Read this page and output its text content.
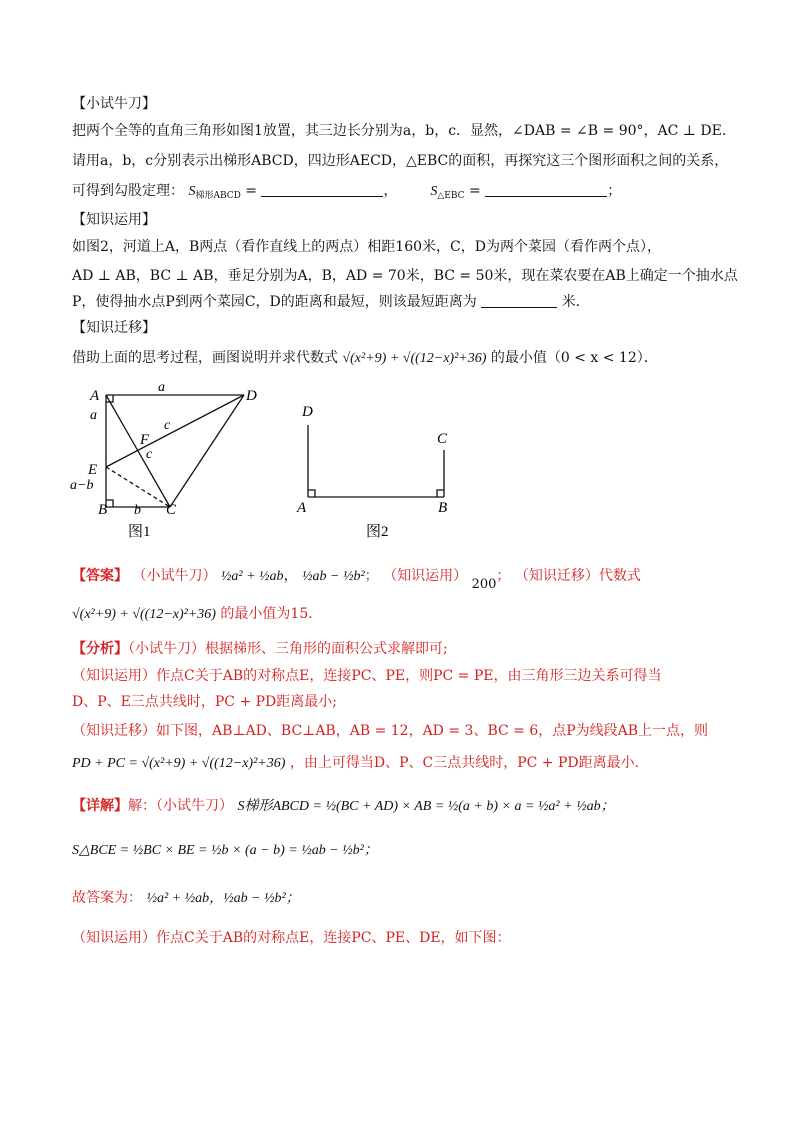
【小试牛刀】
把两个全等的直角三角形如图1放置，其三边长分别为a，b，c．显然，∠DAB = ∠B = 90°，AC ⊥ DE．
请用a，b，c分别表示出梯形ABCD，四边形AECD，△EBC的面积，再探究这三个图形面积之间的关系，
可得到勾股定理： $S_{梯形ABCD}$ =	，  $S_{\triangle EBC}$ =	；
【知识运用】
如图2，河道上A，B两点（看作直线上的两点）相距160米，C，D为两个菜园（看作两个点），
AD ⊥ AB，BC ⊥ AB，垂足分别为A，B，AD = 70米，BC = 50米，现在菜农要在AB上确定一个抽水点
P，使得抽水点P到两个菜园C，D的距离和最短，则该最短距离为	米．
【知识迁移】
借助上面的思考过程，画图说明并求代数式 √(x²+9) + √((12−x)²+36) 的最小值（0 < x < 12）．
A	D
a
a
E
a−b
F
c
c
B b C
图1
D
C
A	B
图2
【答案】 （小试牛刀） ½a² + ½ab， ½ab − ½b²； （知识运用） 200； （知识迁移）代数式
√(x²+9) + √((12−x)²+36) 的最小值为15．
【分析】（小试牛刀）根据梯形、三角形的面积公式求解即可;
（知识运用）作点C关于AB的对称点E，连接PC、PE，则PC = PE，由三角形三边关系可得当
D、P、E三点共线时，PC + PD距离最小;
（知识迁移）如下图，AB⊥AD、BC⊥AB，AB = 12，AD = 3、BC = 6，点P为线段AB上一点，则
PD + PC = √(x²+9) + √((12−x)²+36) ，由上可得当D、P、C三点共线时，PC + PD距离最小.
【详解】解：（小试牛刀） S梯形ABCD = ½(BC + AD) × AB = ½(a + b) × a = ½a² + ½ab；
S△BCE = ½BC × BE = ½b × (a − b) = ½ab − ½b²；
故答案为： ½a² + ½ab，½ab − ½b²；
（知识运用）作点C关于AB的对称点E，连接PC、PE、DE，如下图：
